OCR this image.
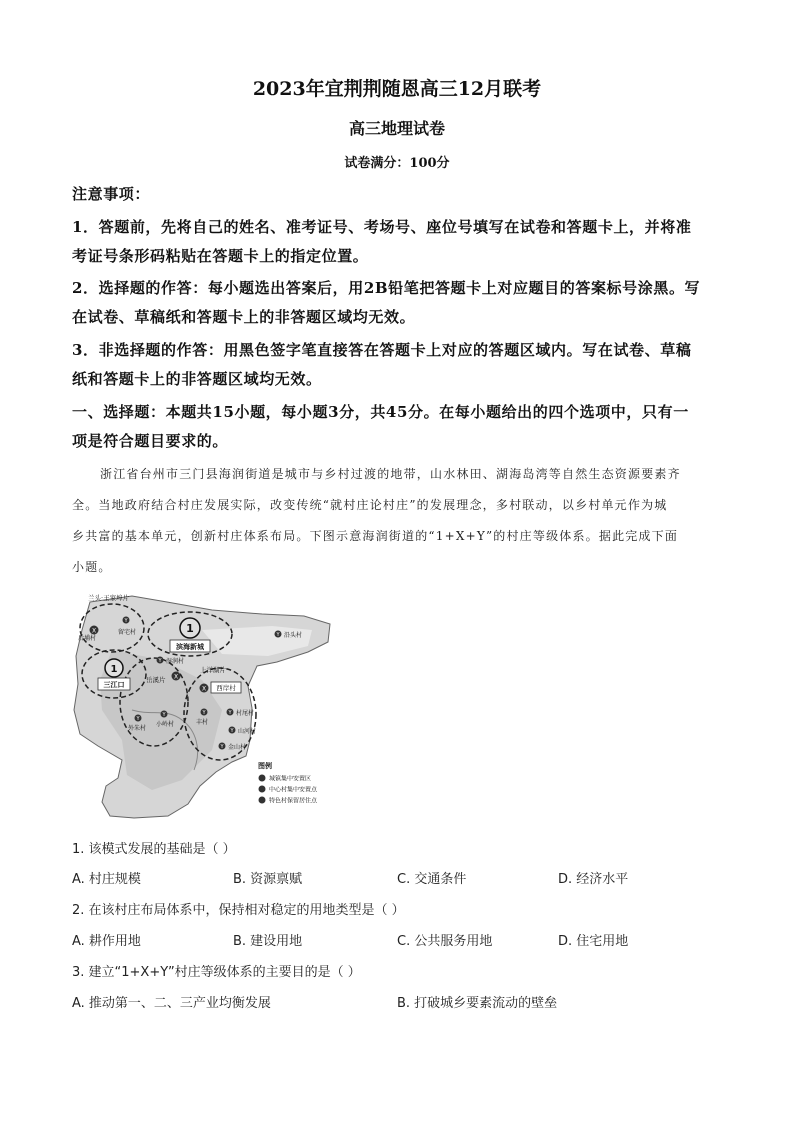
2023年宜荆荆随恩高三12月联考
高三地理试卷
试卷满分：100分
注意事项：
1．答题前，先将自己的姓名、准考证号、考场号、座位号填写在试卷和答题卡上，并将准
考证号条形码粘贴在答题卡上的指定位置。
2．选择题的作答：每小题选出答案后，用2B铅笔把答题卡上对应题目的答案标号涂黑。写
在试卷、草稿纸和答题卡上的非答题区域均无效。
3．非选择题的作答：用黑色签字笔直接答在答题卡上对应的答题区域内。写在试卷、草稿
纸和答题卡上的非答题区域均无效。
一、选择题：本题共15小题，每小题3分，共45分。在每小题给出的四个选项中，只有一
项是符合题目要求的。
浙江省台州市三门县海润街道是城市与乡村过渡的地带，山水林田、湖海岛湾等自然生态资源要素齐
全。当地政府结合村庄发展实际，改变传统“就村庄论村庄”的发展理念，多村联动，以乡村单元作为城
乡共富的基本单元，创新村庄体系布局。下图示意海润街道的“1+X+Y”的村庄等级体系。据此完成下面
小题。
兰头·王家埠片
X
后埔村
Y
留宅村	1
滨海新城
Y 沿头村
1
三江口
Y 湿润村
X
岳溪片
Y
外朱村
Y
小岭村
上洋湖片
X 西岸村
Y
丰村
Y 村尾村
Y 山河村
Y 金山村
图例
城镇集中安置区
中心村集中安置点
特色村保留居住点
1. 该模式发展的基础是（ ）
A. 村庄规模	B. 资源禀赋	C. 交通条件	D. 经济水平
2. 在该村庄布局体系中，保持相对稳定的用地类型是（ ）
A. 耕作用地	B. 建设用地	C. 公共服务用地	D. 住宅用地
3. 建立“1+X+Y”村庄等级体系的主要目的是（ ）
A. 推动第一、二、三产业均衡发展	B. 打破城乡要素流动的壁垒
